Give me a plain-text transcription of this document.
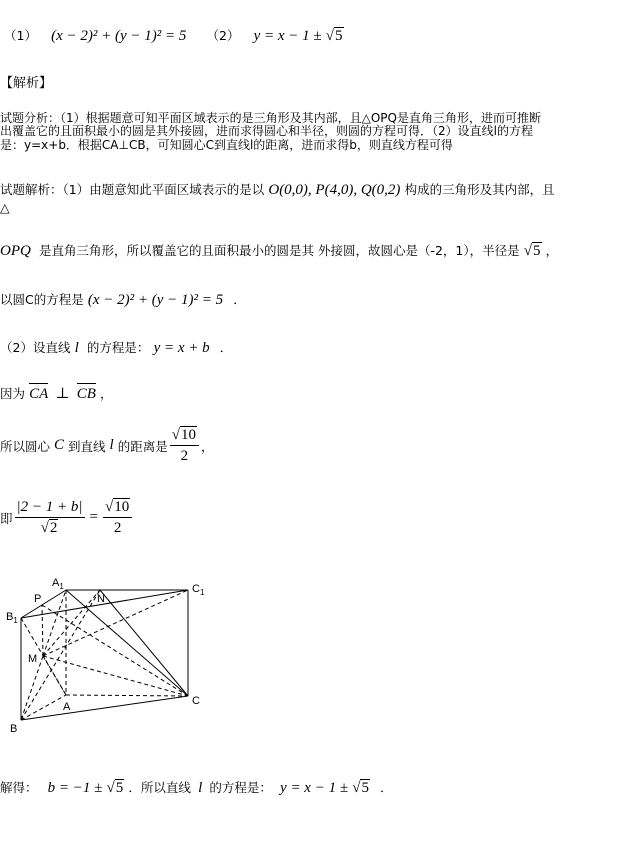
（1） (x − 2)² + (y − 1)² = 5 （2） y = x − 1 ± √5
【解析】
试题分析：（1）根据题意可知平面区域表示的是三角形及其内部，且△OPQ是直角三角形，进而可推断
出覆盖它的且面积最小的圆是其外接圆，进而求得圆心和半径，则圆的方程可得．（2）设直线l的方程
是：y=x+b．根据CA⊥CB，可知圆心C到直线l的距离，进而求得b，则直线方程可得
试题解析：（1）由题意知此平面区域表示的是以 O(0,0), P(4,0), Q(0,2) 构成的三角形及其内部，且
△
OPQ 是直角三角形，所以覆盖它的且面积最小的圆是其 外接圆，故圆心是（-2，1），半径是 √5 ，
以圆C的方程是 (x − 2)² + (y − 1)² = 5 ．
（2）设直线 l 的方程是： y = x + b ．
因为 CA ⊥ CB ，
所以圆心 C 到直线 l 的距离是 $\frac{√10}{2}$ ，
即 $\frac{|2 - 1 + b|}{√2} = \frac{√10}{2}$
$A_1$
$B_1$
$C_1$
P	N
M
A
B
C
解得： b = −1 ± √5 ．所以直线 l 的方程是： y = x − 1 ± √5 ．
